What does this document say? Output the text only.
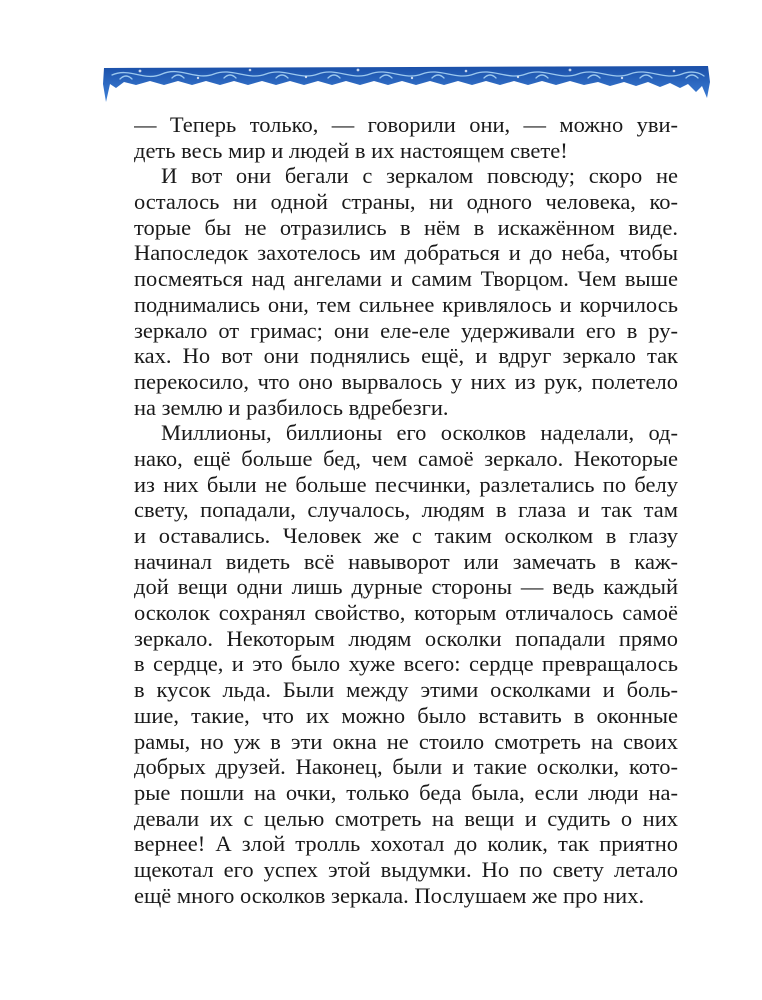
— Теперь только, — говорили они, — можно уви-
деть весь мир и людей в их настоящем свете!
И вот они бегали с зеркалом повсюду; скоро не
осталось ни одной страны, ни одного человека, ко-
торые бы не отразились в нём в искажённом виде.
Напоследок захотелось им добраться и до неба, чтобы
посмеяться над ангелами и самим Творцом. Чем выше
поднимались они, тем сильнее кривлялось и корчилось
зеркало от гримас; они еле-еле удерживали его в ру-
ках. Но вот они поднялись ещё, и вдруг зеркало так
перекосило, что оно вырвалось у них из рук, полетело
на землю и разбилось вдребезги.
Миллионы, биллионы его осколков наделали, од-
нако, ещё больше бед, чем самоё зеркало. Некоторые
из них были не больше песчинки, разлетались по белу
свету, попадали, случалось, людям в глаза и так там
и оставались. Человек же с таким осколком в глазу
начинал видеть всё навыворот или замечать в каж-
дой вещи одни лишь дурные стороны — ведь каждый
осколок сохранял свойство, которым отличалось самоё
зеркало. Некоторым людям осколки попадали прямо
в сердце, и это было хуже всего: сердце превращалось
в кусок льда. Были между этими осколками и боль-
шие, такие, что их можно было вставить в оконные
рамы, но уж в эти окна не стоило смотреть на своих
добрых друзей. Наконец, были и такие осколки, кото-
рые пошли на очки, только беда была, если люди на-
девали их с целью смотреть на вещи и судить о них
вернее! А злой тролль хохотал до колик, так приятно
щекотал его успех этой выдумки. Но по свету летало
ещё много осколков зеркала. Послушаем же про них.
